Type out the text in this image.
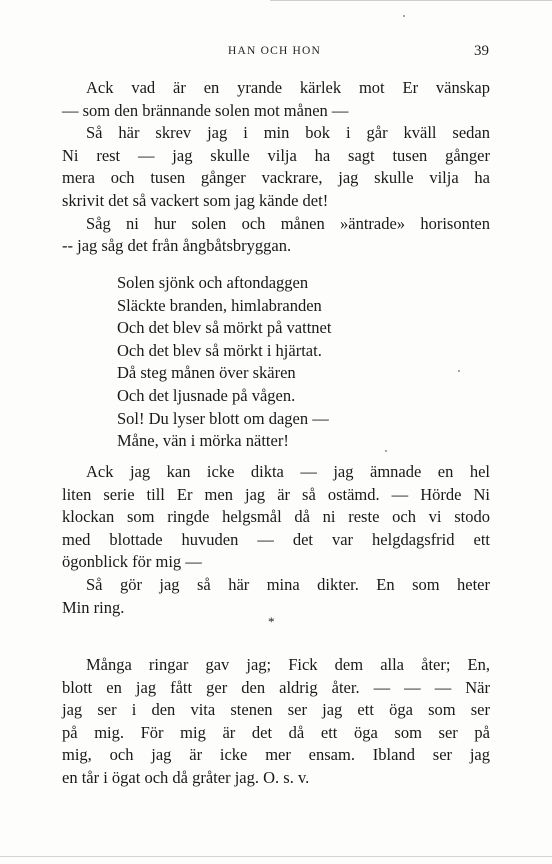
HAN OCH HON	39
Ack vad är en yrande kärlek mot Er vänskap
— som den brännande solen mot månen —
Så här skrev jag i min bok i går kväll sedan
Ni rest — jag skulle vilja ha sagt tusen gånger
mera och tusen gånger vackrare, jag skulle vilja ha
skrivit det så vackert som jag kände det!
Såg ni hur solen och månen »äntrade» horisonten
-- jag såg det från ångbåtsbryggan.
Solen sjönk och aftondaggen
Släckte branden, himlabranden
Och det blev så mörkt på vattnet
Och det blev så mörkt i hjärtat.
Då steg månen över skären
Och det ljusnade på vågen.
Sol! Du lyser blott om dagen —
Måne, vän i mörka nätter!
Ack jag kan icke dikta — jag ämnade en hel
liten serie till Er men jag är så ostämd. — Hörde Ni
klockan som ringde helgsmål då ni reste och vi stodo
med blottade huvuden — det var helgdagsfrid ett
ögonblick för mig —
Så gör jag så här mina dikter. En som heter
Min ring.
*
Många ringar gav jag; Fick dem alla åter; En,
blott en jag fått ger den aldrig åter. — — — När
jag ser i den vita stenen ser jag ett öga som ser
på mig. För mig är det då ett öga som ser på
mig, och jag är icke mer ensam. Ibland ser jag
en tår i ögat och då gråter jag. O. s. v.
